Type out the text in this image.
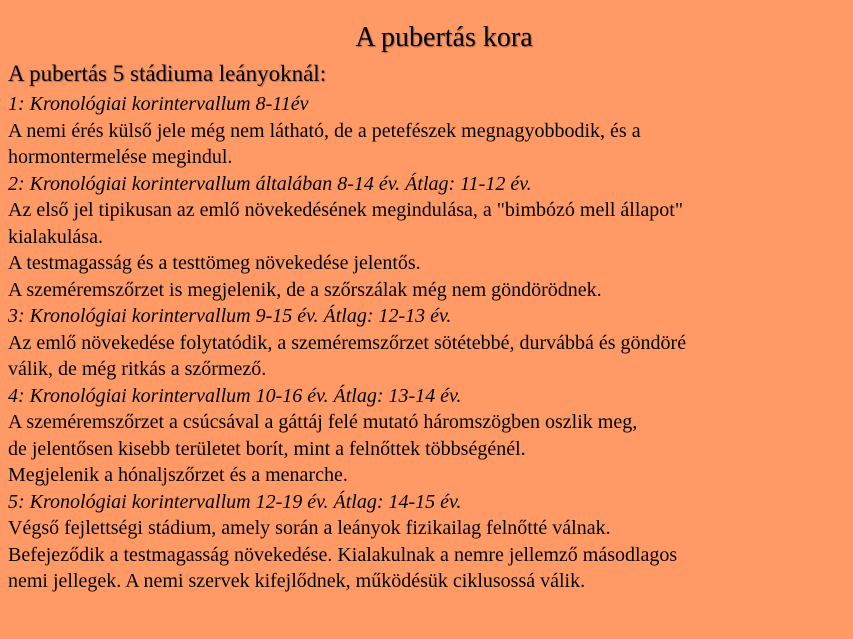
A pubertás kora
A pubertás 5 stádiuma leányoknál:
1: Kronológiai korintervallum 8-11év
A nemi érés külső jele még nem látható, de a petefészek megnagyobbodik, és a
hormontermelése megindul.
2: Kronológiai korintervallum általában 8-14 év. Átlag: 11-12 év.
Az első jel tipikusan az emlő növekedésének megindulása, a "bimbózó mell állapot"
kialakulása.
A testmagasság és a testtömeg növekedése jelentős.
A szeméremszőrzet is megjelenik, de a szőrszálak még nem göndörödnek.
3: Kronológiai korintervallum 9-15 év. Átlag: 12-13 év.
Az emlő növekedése folytatódik, a szeméremszőrzet sötétebbé, durvábbá és göndöré
válik, de még ritkás a szőrmező.
4: Kronológiai korintervallum 10-16 év. Átlag: 13-14 év.
A szeméremszőrzet a csúcsával a gáttáj felé mutató háromszögben oszlik meg,
de jelentősen kisebb területet borít, mint a felnőttek többségénél.
Megjelenik a hónaljszőrzet és a menarche.
5: Kronológiai korintervallum 12-19 év. Átlag: 14-15 év.
Végső fejlettségi stádium, amely során a leányok fizikailag felnőtté válnak.
Befejeződik a testmagasság növekedése. Kialakulnak a nemre jellemző másodlagos
nemi jellegek. A nemi szervek kifejlődnek, működésük ciklusossá válik.
